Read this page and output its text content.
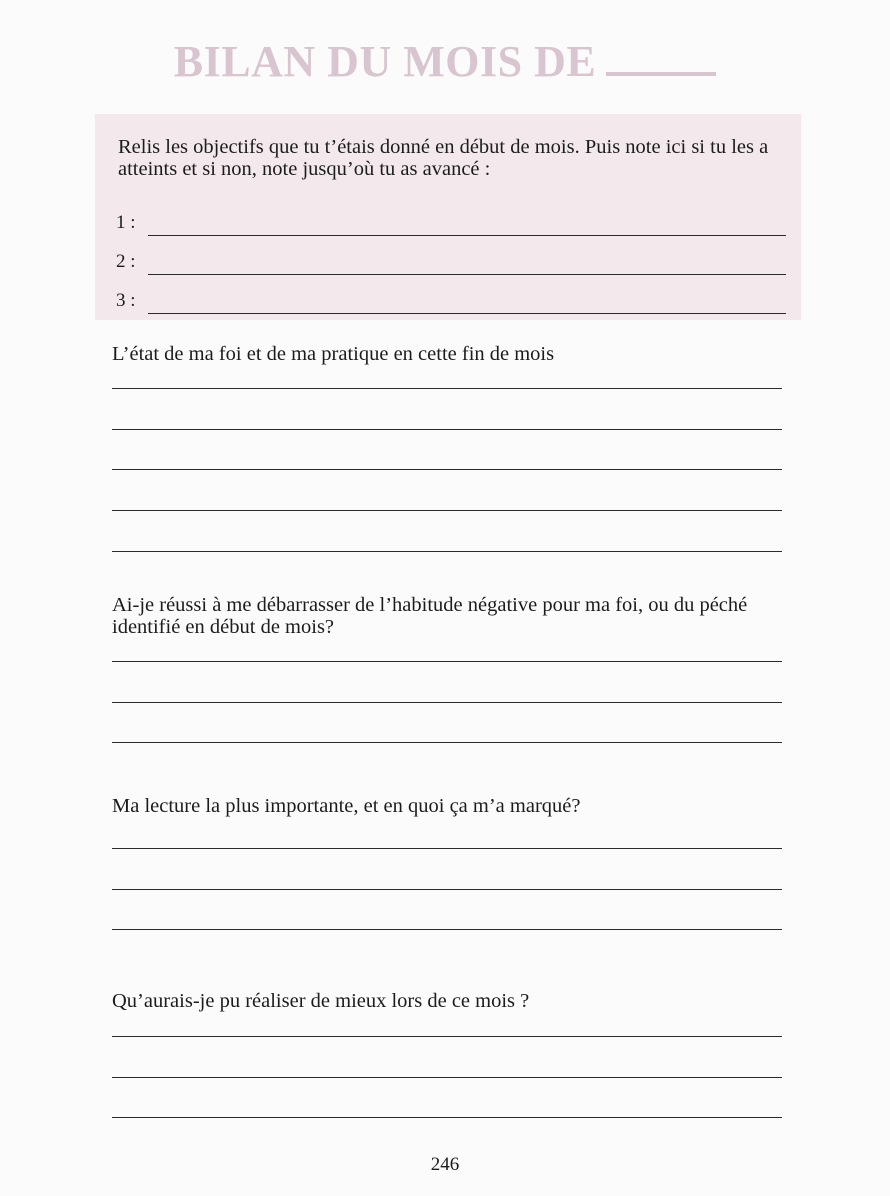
BILAN DU MOIS DE

Relis les objectifs que tu t’étais donné en début de mois. Puis note ici si tu les a atteints et si non, note jusqu’où tu as avancé :

1 :
2 :
3 :

L’état de ma foi et de ma pratique en cette fin de mois

Ai-je réussi à me débarrasser de l’habitude négative pour ma foi, ou du péché identifié en début de mois?

Ma lecture la plus importante, et en quoi ça m’a marqué?

Qu’aurais-je pu réaliser de mieux lors de ce mois ?

246
